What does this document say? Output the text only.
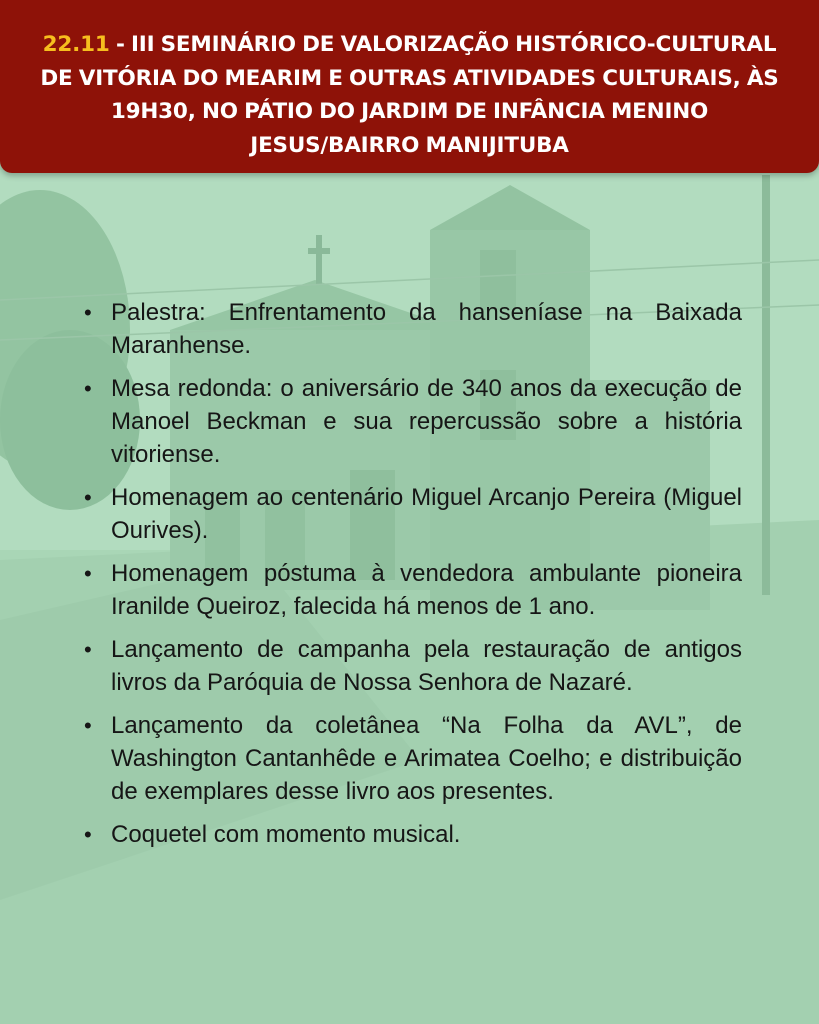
22.11 - III SEMINÁRIO DE VALORIZAÇÃO HISTÓRICO-CULTURAL DE VITÓRIA DO MEARIM E OUTRAS ATIVIDADES CULTURAIS, ÀS 19H30, NO PÁTIO DO JARDIM DE INFÂNCIA MENINO JESUS/BAIRRO MANIJITUBA
• Palestra: Enfrentamento da hanseníase na Baixada Maranhense.
• Mesa redonda: o aniversário de 340 anos da execução de Manoel Beckman e sua repercussão sobre a história vitoriense.
• Homenagem ao centenário Miguel Arcanjo Pereira (Miguel Ourives).
• Homenagem póstuma à vendedora ambulante pioneira Iranilde Queiroz, falecida há menos de 1 ano.
• Lançamento de campanha pela restauração de antigos livros da Paróquia de Nossa Senhora de Nazaré.
• Lançamento da coletânea “Na Folha da AVL”, de Washington Cantanhêde e Arimatea Coelho; e distribuição de exemplares desse livro aos presentes.
• Coquetel com momento musical.
